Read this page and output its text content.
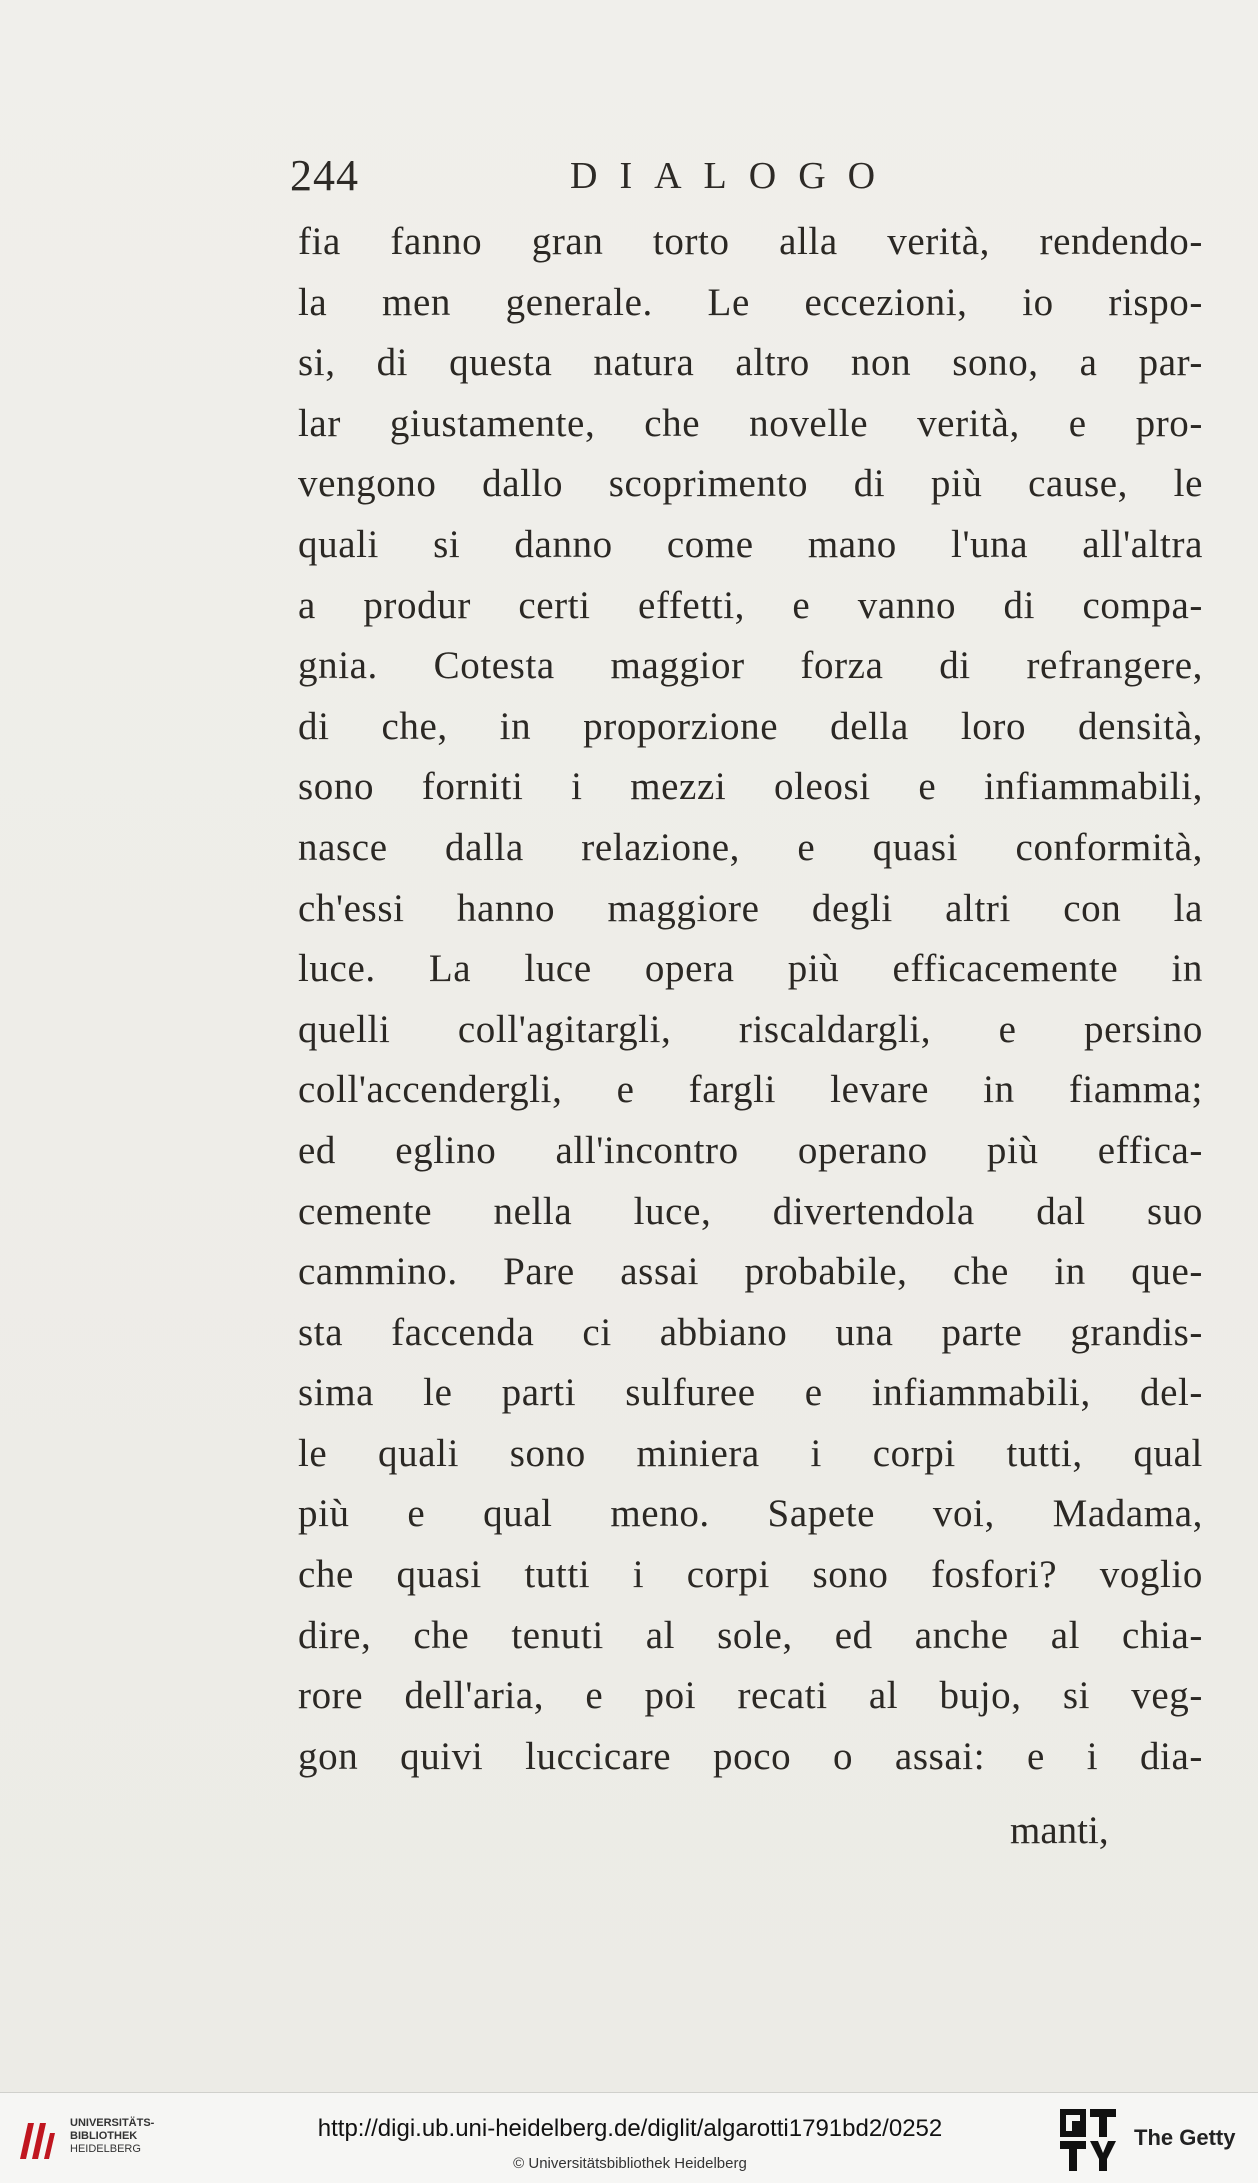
244	DIALOGO
fia fanno gran torto alla verità, rendendo-
la men generale. Le eccezioni, io rispo-
si, di questa natura altro non sono, a par-
lar giustamente, che novelle verità, e pro-
vengono dallo scoprimento di più cause, le
quali si danno come mano l'una all'altra
a produr certi effetti, e vanno di compa-
gnia. Cotesta maggior forza di refrangere,
di che, in proporzione della loro densità,
sono forniti i mezzi oleosi e infiammabili,
nasce dalla relazione, e quasi conformità,
ch'essi hanno maggiore degli altri con la
luce. La luce opera più efficacemente in
quelli coll'agitargli, riscaldargli, e persino
coll'accendergli, e fargli levare in fiamma;
ed eglino all'incontro operano più effica-
cemente nella luce, divertendola dal suo
cammino. Pare assai probabile, che in que-
sta faccenda ci abbiano una parte grandis-
sima le parti sulfuree e infiammabili, del-
le quali sono miniera i corpi tutti, qual
più e qual meno. Sapete voi, Madama,
che quasi tutti i corpi sono fosfori? voglio
dire, che tenuti al sole, ed anche al chia-
rore dell'aria, e poi recati al bujo, si veg-
gon quivi luccicare poco o assai: e i dia-
manti,
UNIVERSITÄTS-
BIBLIOTHEK
HEIDELBERG
http://digi.ub.uni-heidelberg.de/diglit/algarotti1791bd2/0252
© Universitätsbibliothek Heidelberg
The Getty
